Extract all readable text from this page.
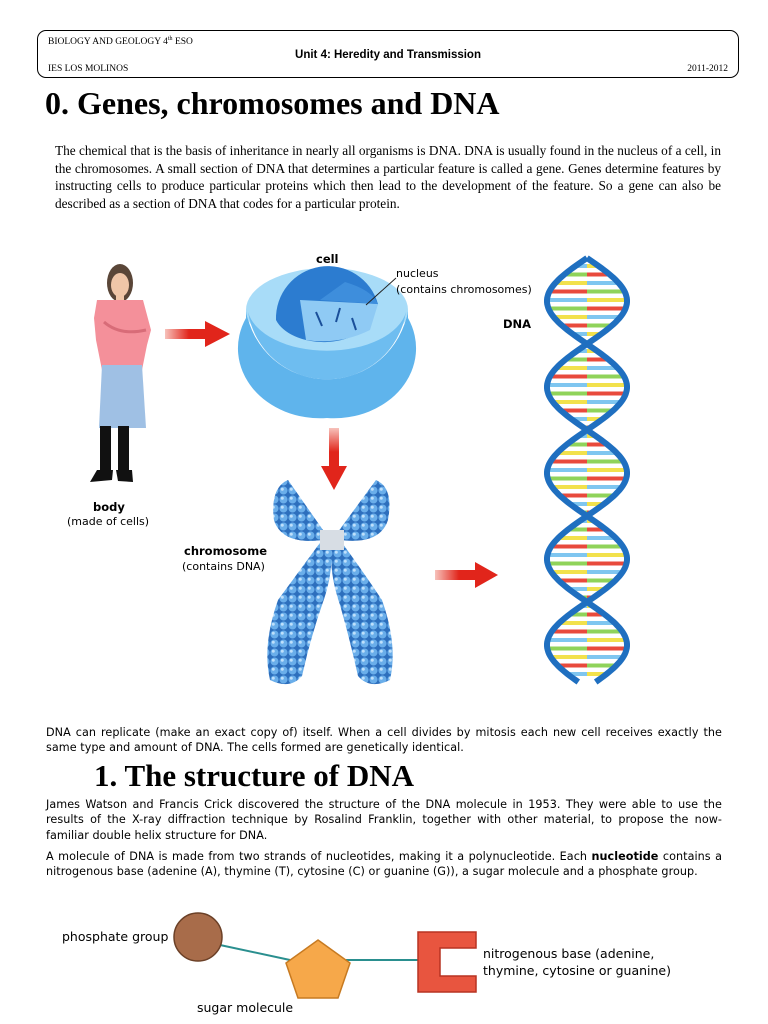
BIOLOGY AND GEOLOGY 4th ESO
Unit 4: Heredity and Transmission
IES LOS MOLINOS	2011-2012
0. Genes, chromosomes and DNA

The chemical that is the basis of inheritance in nearly all organisms is DNA. DNA is usually found in the nucleus of a cell, in the chromosomes. A small section of DNA that determines a particular feature is called a gene. Genes determine features by instructing cells to produce particular proteins which then lead to the development of the feature. So a gene can also be described as a section of DNA that codes for a particular protein.

cell
nucleus
(contains chromosomes)
DNA
body
(made of cells)
chromosome
(contains DNA)

DNA can replicate (make an exact copy of) itself. When a cell divides by mitosis each new cell receives exactly the same type and amount of DNA. The cells formed are genetically identical.

1. The structure of DNA

James Watson and Francis Crick discovered the structure of the DNA molecule in 1953. They were able to use the results of the X-ray diffraction technique by Rosalind Franklin, together with other material, to propose the now-familiar double helix structure for DNA.

A molecule of DNA is made from two strands of nucleotides, making it a polynucleotide. Each nucleotide contains a nitrogenous base (adenine (A), thymine (T), cytosine (C) or guanine (G)), a sugar molecule and a phosphate group.

phosphate group
sugar molecule
nitrogenous base (adenine,
thymine, cytosine or guanine)
